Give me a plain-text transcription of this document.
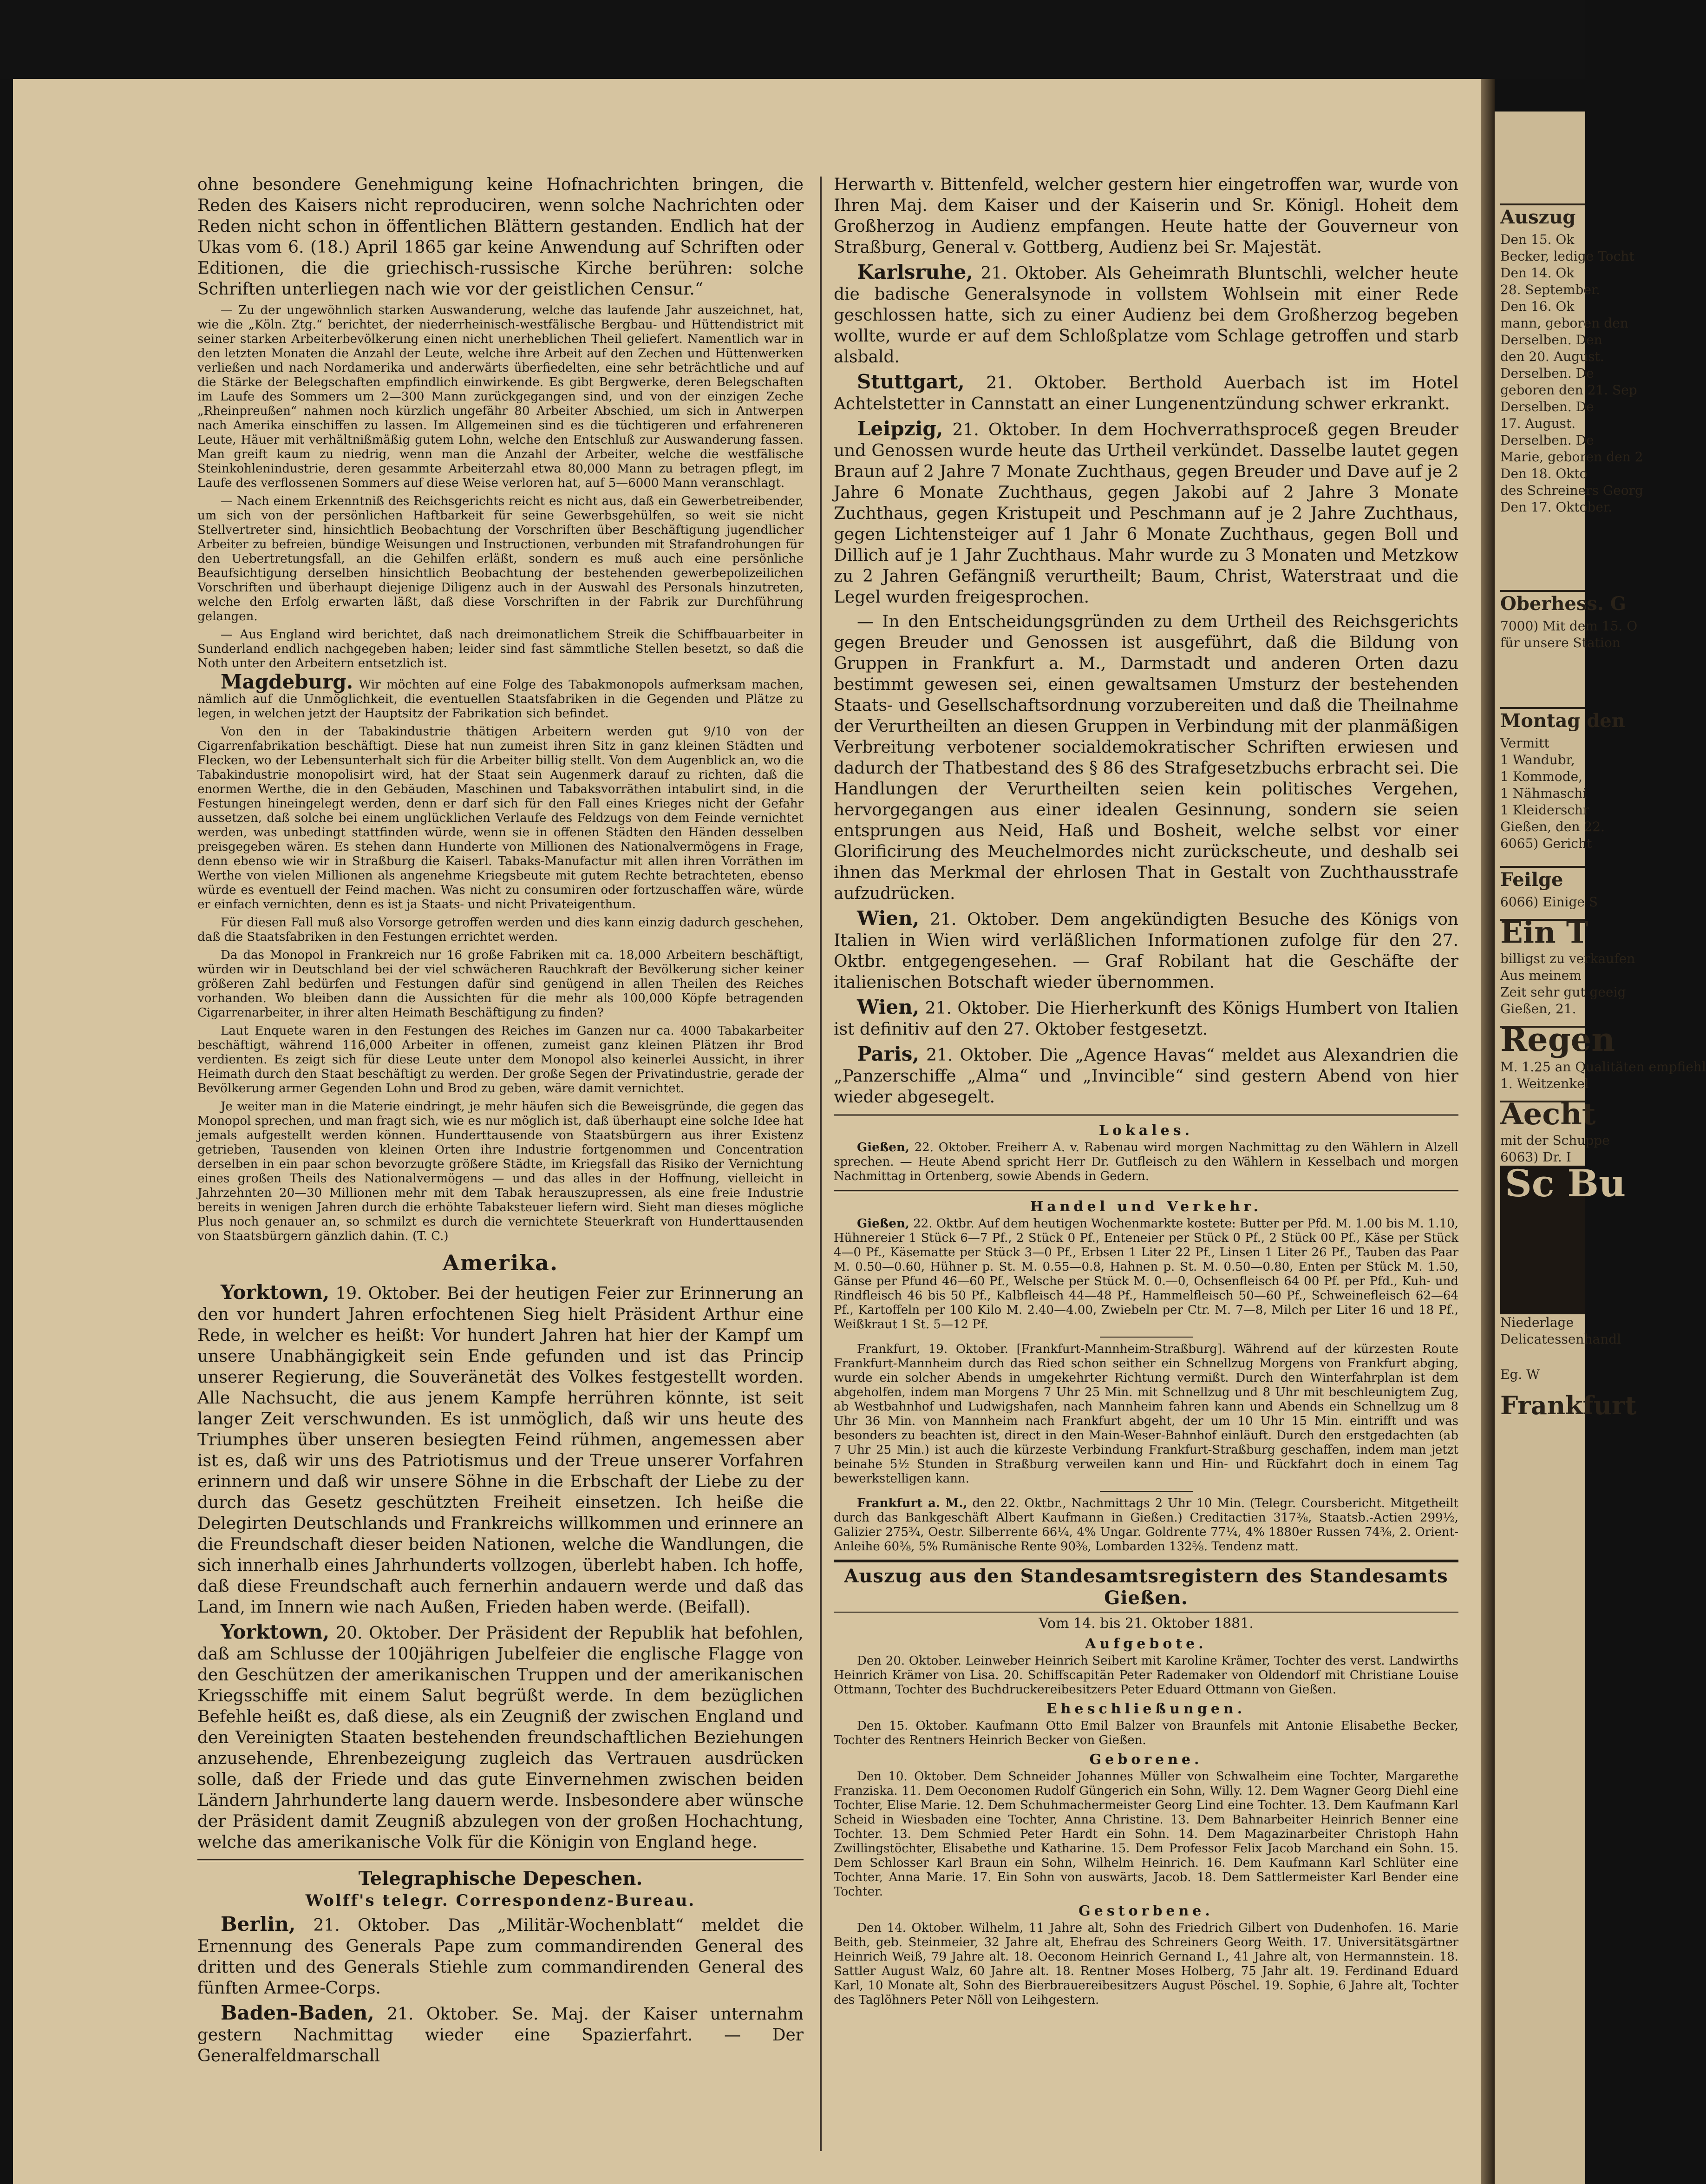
ohne besondere Genehmigung keine Hofnachrichten bringen, die Reden des Kaisers nicht reproduciren, wenn solche Nachrichten oder Reden nicht schon in öffentlichen Blättern gestanden. Endlich hat der Ukas vom 6. (18.) April 1865 gar keine Anwendung auf Schriften oder Editionen, die die griechisch-russische Kirche berühren: solche Schriften unterliegen nach wie vor der geistlichen Censur.“

— Zu der ungewöhnlich starken Auswanderung, welche das laufende Jahr auszeichnet, hat, wie die „Köln. Ztg.“ berichtet, der niederrheinisch-westfälische Bergbau- und Hüttendistrict mit seiner starken Arbeiterbevölkerung einen nicht unerheblichen Theil geliefert. Namentlich war in den letzten Monaten die Anzahl der Leute, welche ihre Arbeit auf den Zechen und Hüttenwerken verließen und nach Nordamerika und anderwärts überfiedelten, eine sehr beträchtliche und auf die Stärke der Belegschaften empfindlich einwirkende. Es gibt Bergwerke, deren Belegschaften im Laufe des Sommers um 2—300 Mann zurückgegangen sind, und von der einzigen Zeche „Rheinpreußen“ nahmen noch kürzlich ungefähr 80 Arbeiter Abschied, um sich in Antwerpen nach Amerika einschiffen zu lassen. Im Allgemeinen sind es die tüchtigeren und erfahreneren Leute, Häuer mit verhältnißmäßig gutem Lohn, welche den Entschluß zur Auswanderung fassen. Man greift kaum zu niedrig, wenn man die Anzahl der Arbeiter, welche die westfälische Steinkohlenindustrie, deren gesammte Arbeiterzahl etwa 80,000 Mann zu betragen pflegt, im Laufe des verflossenen Sommers auf diese Weise verloren hat, auf 5—6000 Mann veranschlagt.

— Nach einem Erkenntniß des Reichsgerichts reicht es nicht aus, daß ein Gewerbetreibender, um sich von der persönlichen Haftbarkeit für seine Gewerbsgehülfen, so weit sie nicht Stellvertreter sind, hinsichtlich Beobachtung der Vorschriften über Beschäftigung jugendlicher Arbeiter zu befreien, bündige Weisungen und Instructionen, verbunden mit Strafandrohungen für den Uebertretungsfall, an die Gehilfen erläßt, sondern es muß auch eine persönliche Beaufsichtigung derselben hinsichtlich Beobachtung der bestehenden gewerbepolizeilichen Vorschriften und überhaupt diejenige Diligenz auch in der Auswahl des Personals hinzutreten, welche den Erfolg erwarten läßt, daß diese Vorschriften in der Fabrik zur Durchführung gelangen.

— Aus England wird berichtet, daß nach dreimonatlichem Streik die Schiffbauarbeiter in Sunderland endlich nachgegeben haben; leider sind fast sämmtliche Stellen besetzt, so daß die Noth unter den Arbeitern entsetzlich ist.

Magdeburg. Wir möchten auf eine Folge des Tabakmonopols aufmerksam machen, nämlich auf die Unmöglichkeit, die eventuellen Staatsfabriken in die Gegenden und Plätze zu legen, in welchen jetzt der Hauptsitz der Fabrikation sich befindet.

Von den in der Tabakindustrie thätigen Arbeitern werden gut 9/10 von der Cigarrenfabrikation beschäftigt. Diese hat nun zumeist ihren Sitz in ganz kleinen Städten und Flecken, wo der Lebensunterhalt sich für die Arbeiter billig stellt. Von dem Augenblick an, wo die Tabakindustrie monopolisirt wird, hat der Staat sein Augenmerk darauf zu richten, daß die enormen Werthe, die in den Gebäuden, Maschinen und Tabaksvorräthen intabulirt sind, in die Festungen hineingelegt werden, denn er darf sich für den Fall eines Krieges nicht der Gefahr aussetzen, daß solche bei einem unglücklichen Verlaufe des Feldzugs von dem Feinde vernichtet werden, was unbedingt stattfinden würde, wenn sie in offenen Städten den Händen desselben preisgegeben wären. Es stehen dann Hunderte von Millionen des Nationalvermögens in Frage, denn ebenso wie wir in Straßburg die Kaiserl. Tabaks-Manufactur mit allen ihren Vorräthen im Werthe von vielen Millionen als angenehme Kriegsbeute mit gutem Rechte betrachteten, ebenso würde es eventuell der Feind machen. Was nicht zu consumiren oder fortzuschaffen wäre, würde er einfach vernichten, denn es ist ja Staats- und nicht Privateigenthum.

Für diesen Fall muß also Vorsorge getroffen werden und dies kann einzig dadurch geschehen, daß die Staatsfabriken in den Festungen errichtet werden.

Da das Monopol in Frankreich nur 16 große Fabriken mit ca. 18,000 Arbeitern beschäftigt, würden wir in Deutschland bei der viel schwächeren Rauchkraft der Bevölkerung sicher keiner größeren Zahl bedürfen und Festungen dafür sind genügend in allen Theilen des Reiches vorhanden. Wo bleiben dann die Aussichten für die mehr als 100,000 Köpfe betragenden Cigarrenarbeiter, in ihrer alten Heimath Beschäftigung zu finden?

Laut Enquete waren in den Festungen des Reiches im Ganzen nur ca. 4000 Tabakarbeiter beschäftigt, während 116,000 Arbeiter in offenen, zumeist ganz kleinen Plätzen ihr Brod verdienten. Es zeigt sich für diese Leute unter dem Monopol also keinerlei Aussicht, in ihrer Heimath durch den Staat beschäftigt zu werden. Der große Segen der Privatindustrie, gerade der Bevölkerung armer Gegenden Lohn und Brod zu geben, wäre damit vernichtet.

Je weiter man in die Materie eindringt, je mehr häufen sich die Beweisgründe, die gegen das Monopol sprechen, und man fragt sich, wie es nur möglich ist, daß überhaupt eine solche Idee hat jemals aufgestellt werden können. Hunderttausende von Staatsbürgern aus ihrer Existenz getrieben, Tausenden von kleinen Orten ihre Industrie fortgenommen und Concentration derselben in ein paar schon bevorzugte größere Städte, im Kriegsfall das Risiko der Vernichtung eines großen Theils des Nationalvermögens — und das alles in der Hoffnung, vielleicht in Jahrzehnten 20—30 Millionen mehr mit dem Tabak herauszupressen, als eine freie Industrie bereits in wenigen Jahren durch die erhöhte Tabaksteuer liefern wird. Sieht man dieses mögliche Plus noch genauer an, so schmilzt es durch die vernichtete Steuerkraft von Hunderttausenden von Staatsbürgern gänzlich dahin. (T. C.)

Amerika.

Yorktown, 19. Oktober. Bei der heutigen Feier zur Erinnerung an den vor hundert Jahren erfochtenen Sieg hielt Präsident Arthur eine Rede, in welcher es heißt: Vor hundert Jahren hat hier der Kampf um unsere Unabhängigkeit sein Ende gefunden und ist das Princip unserer Regierung, die Souveränetät des Volkes festgestellt worden. Alle Nachsucht, die aus jenem Kampfe herrühren könnte, ist seit langer Zeit verschwunden. Es ist unmöglich, daß wir uns heute des Triumphes über unseren besiegten Feind rühmen, angemessen aber ist es, daß wir uns des Patriotismus und der Treue unserer Vorfahren erinnern und daß wir unsere Söhne in die Erbschaft der Liebe zu der durch das Gesetz geschützten Freiheit einsetzen. Ich heiße die Delegirten Deutschlands und Frankreichs willkommen und erinnere an die Freundschaft dieser beiden Nationen, welche die Wandlungen, die sich innerhalb eines Jahrhunderts vollzogen, überlebt haben. Ich hoffe, daß diese Freundschaft auch fernerhin andauern werde und daß das Land, im Innern wie nach Außen, Frieden haben werde. (Beifall).

Yorktown, 20. Oktober. Der Präsident der Republik hat befohlen, daß am Schlusse der 100jährigen Jubelfeier die englische Flagge von den Geschützen der amerikanischen Truppen und der amerikanischen Kriegsschiffe mit einem Salut begrüßt werde. In dem bezüglichen Befehle heißt es, daß diese, als ein Zeugniß der zwischen England und den Vereinigten Staaten bestehenden freundschaftlichen Beziehungen anzusehende, Ehrenbezeigung zugleich das Vertrauen ausdrücken solle, daß der Friede und das gute Einvernehmen zwischen beiden Ländern Jahrhunderte lang dauern werde. Insbesondere aber wünsche der Präsident damit Zeugniß abzulegen von der großen Hochachtung, welche das amerikanische Volk für die Königin von England hege.

Telegraphische Depeschen.
Wolff's telegr. Correspondenz-Bureau.

Berlin, 21. Oktober. Das „Militär-Wochenblatt“ meldet die Ernennung des Generals Pape zum commandirenden General des dritten und des Generals Stiehle zum commandirenden General des fünften Armee-Corps.

Baden-Baden, 21. Oktober. Se. Maj. der Kaiser unternahm gestern Nachmittag wieder eine Spazierfahrt. — Der Generalfeldmarschall

Herwarth v. Bittenfeld, welcher gestern hier eingetroffen war, wurde von Ihren Maj. dem Kaiser und der Kaiserin und Sr. Königl. Hoheit dem Großherzog in Audienz empfangen. Heute hatte der Gouverneur von Straßburg, General v. Gottberg, Audienz bei Sr. Majestät.

Karlsruhe, 21. Oktober. Als Geheimrath Bluntschli, welcher heute die badische Generalsynode in vollstem Wohlsein mit einer Rede geschlossen hatte, sich zu einer Audienz bei dem Großherzog begeben wollte, wurde er auf dem Schloßplatze vom Schlage getroffen und starb alsbald.

Stuttgart, 21. Oktober. Berthold Auerbach ist im Hotel Achtelstetter in Cannstatt an einer Lungenentzündung schwer erkrankt.

Leipzig, 21. Oktober. In dem Hochverrathsproceß gegen Breuder und Genossen wurde heute das Urtheil verkündet. Dasselbe lautet gegen Braun auf 2 Jahre 7 Monate Zuchthaus, gegen Breuder und Dave auf je 2 Jahre 6 Monate Zuchthaus, gegen Jakobi auf 2 Jahre 3 Monate Zuchthaus, gegen Kristupeit und Peschmann auf je 2 Jahre Zuchthaus, gegen Lichtensteiger auf 1 Jahr 6 Monate Zuchthaus, gegen Boll und Dillich auf je 1 Jahr Zuchthaus. Mahr wurde zu 3 Monaten und Metzkow zu 2 Jahren Gefängniß verurtheilt; Baum, Christ, Waterstraat und die Legel wurden freigesprochen.

— In den Entscheidungsgründen zu dem Urtheil des Reichsgerichts gegen Breuder und Genossen ist ausgeführt, daß die Bildung von Gruppen in Frankfurt a. M., Darmstadt und anderen Orten dazu bestimmt gewesen sei, einen gewaltsamen Umsturz der bestehenden Staats- und Gesellschaftsordnung vorzubereiten und daß die Theilnahme der Verurtheilten an diesen Gruppen in Verbindung mit der planmäßigen Verbreitung verbotener socialdemokratischer Schriften erwiesen und dadurch der Thatbestand des § 86 des Strafgesetzbuchs erbracht sei. Die Handlungen der Verurtheilten seien kein politisches Vergehen, hervorgegangen aus einer idealen Gesinnung, sondern sie seien entsprungen aus Neid, Haß und Bosheit, welche selbst vor einer Glorificirung des Meuchelmordes nicht zurückscheute, und deshalb sei ihnen das Merkmal der ehrlosen That in Gestalt von Zuchthausstrafe aufzudrücken.

Wien, 21. Oktober. Dem angekündigten Besuche des Königs von Italien in Wien wird verläßlichen Informationen zufolge für den 27. Oktbr. entgegengesehen. — Graf Robilant hat die Geschäfte der italienischen Botschaft wieder übernommen.

Wien, 21. Oktober. Die Hierherkunft des Königs Humbert von Italien ist definitiv auf den 27. Oktober festgesetzt.

Paris, 21. Oktober. Die „Agence Havas“ meldet aus Alexandrien die „Panzerschiffe „Alma“ und „Invincible“ sind gestern Abend von hier wieder abgesegelt.

Lokales.

Gießen, 22. Oktober. Freiherr A. v. Rabenau wird morgen Nachmittag zu den Wählern in Alzell sprechen. — Heute Abend spricht Herr Dr. Gutfleisch zu den Wählern in Kesselbach und morgen Nachmittag in Ortenberg, sowie Abends in Gedern.

Handel und Verkehr.

Gießen, 22. Oktbr. Auf dem heutigen Wochenmarkte kostete: Butter per Pfd. M. 1.00 bis M. 1.10, Hühnereier 1 Stück 6—7 Pf., 2 Stück 0 Pf., Enteneier per Stück 0 Pf., 2 Stück 00 Pf., Käse per Stück 4—0 Pf., Käsematte per Stück 3—0 Pf., Erbsen 1 Liter 22 Pf., Linsen 1 Liter 26 Pf., Tauben das Paar M. 0.50—0.60, Hühner p. St. M. 0.55—0.8, Hahnen p. St. M. 0.50—0.80, Enten per Stück M. 1.50, Gänse per Pfund 46—60 Pf., Welsche per Stück M. 0.—0, Ochsenfleisch 64 00 Pf. per Pfd., Kuh- und Rindfleisch 46 bis 50 Pf., Kalbfleisch 44—48 Pf., Hammelfleisch 50—60 Pf., Schweinefleisch 62—64 Pf., Kartoffeln per 100 Kilo M. 2.40—4.00, Zwiebeln per Ctr. M. 7—8, Milch per Liter 16 und 18 Pf., Weißkraut 1 St. 5—12 Pf.

Frankfurt, 19. Oktober. [Frankfurt-Mannheim-Straßburg]. Während auf der kürzesten Route Frankfurt-Mannheim durch das Ried schon seither ein Schnellzug Morgens von Frankfurt abging, wurde ein solcher Abends in umgekehrter Richtung vermißt. Durch den Winterfahrplan ist dem abgeholfen, indem man Morgens 7 Uhr 25 Min. mit Schnellzug und 8 Uhr mit beschleunigtem Zug, ab Westbahnhof und Ludwigshafen, nach Mannheim fahren kann und Abends ein Schnellzug um 8 Uhr 36 Min. von Mannheim nach Frankfurt abgeht, der um 10 Uhr 15 Min. eintrifft und was besonders zu beachten ist, direct in den Main-Weser-Bahnhof einläuft. Durch den erstgedachten (ab 7 Uhr 25 Min.) ist auch die kürzeste Verbindung Frankfurt-Straßburg geschaffen, indem man jetzt beinahe 5½ Stunden in Straßburg verweilen kann und Hin- und Rückfahrt doch in einem Tag bewerkstelligen kann.

Frankfurt a. M., den 22. Oktbr., Nachmittags 2 Uhr 10 Min. (Telegr. Coursbericht. Mitgetheilt durch das Bankgeschäft Albert Kaufmann in Gießen.) Creditactien 317⅜, Staatsb.-Actien 299½, Galizier 275¾, Oestr. Silberrente 66¼, 4% Ungar. Goldrente 77¼, 4% 1880er Russen 74⅜, 2. Orient-Anleihe 60⅜, 5% Rumänische Rente 90⅜, Lombarden 132⅝. Tendenz matt.

Auszug aus den Standesamtsregistern des Standesamts Gießen.
Vom 14. bis 21. Oktober 1881.
Aufgebote.

Den 20. Oktober. Leinweber Heinrich Seibert mit Karoline Krämer, Tochter des verst. Landwirths Heinrich Krämer von Lisa. 20. Schiffscapitän Peter Rademaker von Oldendorf mit Christiane Louise Ottmann, Tochter des Buchdruckereibesitzers Peter Eduard Ottmann von Gießen.

Eheschließungen.

Den 15. Oktober. Kaufmann Otto Emil Balzer von Braunfels mit Antonie Elisabethe Becker, Tochter des Rentners Heinrich Becker von Gießen.

Geborene.

Den 10. Oktober. Dem Schneider Johannes Müller von Schwalheim eine Tochter, Margarethe Franziska. 11. Dem Oeconomen Rudolf Güngerich ein Sohn, Willy. 12. Dem Wagner Georg Diehl eine Tochter, Elise Marie. 12. Dem Schuhmachermeister Georg Lind eine Tochter. 13. Dem Kaufmann Karl Scheid in Wiesbaden eine Tochter, Anna Christine. 13. Dem Bahnarbeiter Heinrich Benner eine Tochter. 13. Dem Schmied Peter Hardt ein Sohn. 14. Dem Magazinarbeiter Christoph Hahn Zwillingstöchter, Elisabethe und Katharine. 15. Dem Professor Felix Jacob Marchand ein Sohn. 15. Dem Schlosser Karl Braun ein Sohn, Wilhelm Heinrich. 16. Dem Kaufmann Karl Schlüter eine Tochter, Anna Marie. 17. Ein Sohn von auswärts, Jacob. 18. Dem Sattlermeister Karl Bender eine Tochter.

Gestorbene.

Den 14. Oktober. Wilhelm, 11 Jahre alt, Sohn des Friedrich Gilbert von Dudenhofen. 16. Marie Beith, geb. Steinmeier, 32 Jahre alt, Ehefrau des Schreiners Georg Weith. 17. Universitätsgärtner Heinrich Weiß, 79 Jahre alt. 18. Oeconom Heinrich Gernand I., 41 Jahre alt, von Hermannstein. 18. Sattler August Walz, 60 Jahre alt. 18. Rentner Moses Holberg, 75 Jahr alt. 19. Ferdinand Eduard Karl, 10 Monate alt, Sohn des Bierbrauereibesitzers August Pöschel. 19. Sophie, 6 Jahre alt, Tochter des Taglöhners Peter Nöll von Leihgestern.

Auszug
Den 15. Ok
Becker, ledige Tocht
Den 14. Ok
28. September.
Den 16. Ok
mann, geboren den
Derselben. Den
den 20. August.
Derselben. De
geboren den 21. Sep
Derselben. De
17. August.
Derselben. De
Marie, geboren den 2
Den 18. Okto
des Schreiners Georg
Den 17. Oktober.
Oberhess. G
7000) Mit dem 15. O
für unsere Station
Montag den
Vermitt
1 Wandubr,
1 Kommode,
1 Nähmaschi
1 Kleiderschr
Gießen, den 22.
6065) Gericht
Feilge
6066) Einige S
Ein T
billigst zu verkaufen
Aus meinem
Zeit sehr gut geeig
Gießen, 21.
Regen
M. 1.25 an Qualitäten empfiehl
1. Weitzenkel
Aecht
mit der Schuppe
6063) Dr. I
Sc Bu
Niederlage
Delicatessenhandl
Eg. W
Frankfurt
